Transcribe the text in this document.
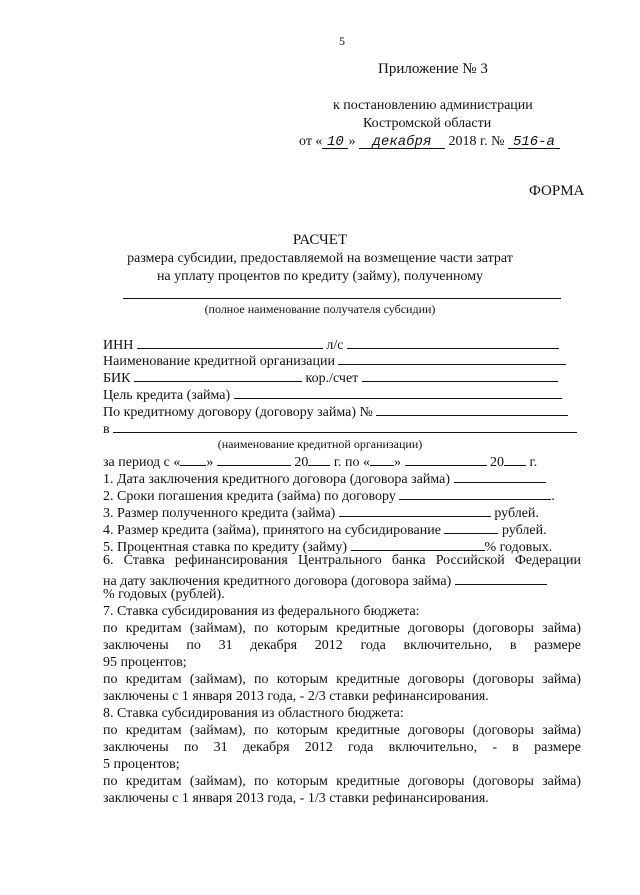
5
Приложение № 3
к постановлению администрации
Костромской области
от « 10 » декабря 2018 г. № 516-а
ФОРМА
РАСЧЕТ
размера субсидии, предоставляемой на возмещение части затрат
на уплату процентов по кредиту (займу), полученному
(полное наименование получателя субсидии)
ИНН	л/с
Наименование кредитной организации
БИК	кор./счет
Цель кредита (займа)
По кредитному договору (договору займа) №
в
(наименование кредитной организации)
за период с « »	20 г. по « »	20 г.
1. Дата заключения кредитного договора (договора займа)
2. Сроки погашения кредита (займа) по договору	.
3. Размер полученного кредита (займа)	рублей.
4. Размер кредита (займа), принятого на субсидирование	рублей.
5. Процентная ставка по кредиту (займу)	% годовых.
6. Ставка рефинансирования Центрального банка Российской Федерации
на дату заключения кредитного договора (договора займа)
% годовых (рублей).
7. Ставка субсидирования из федерального бюджета:
по кредитам (займам), по которым кредитные договоры (договоры займа)
заключены по 31 декабря 2012 года включительно, в размере
95 процентов;
по кредитам (займам), по которым кредитные договоры (договоры займа)
заключены с 1 января 2013 года, - 2/3 ставки рефинансирования.
8. Ставка субсидирования из областного бюджета:
по кредитам (займам), по которым кредитные договоры (договоры займа)
заключены по 31 декабря 2012 года включительно, - в размере
5 процентов;
по кредитам (займам), по которым кредитные договоры (договоры займа)
заключены с 1 января 2013 года, - 1/3 ставки рефинансирования.
